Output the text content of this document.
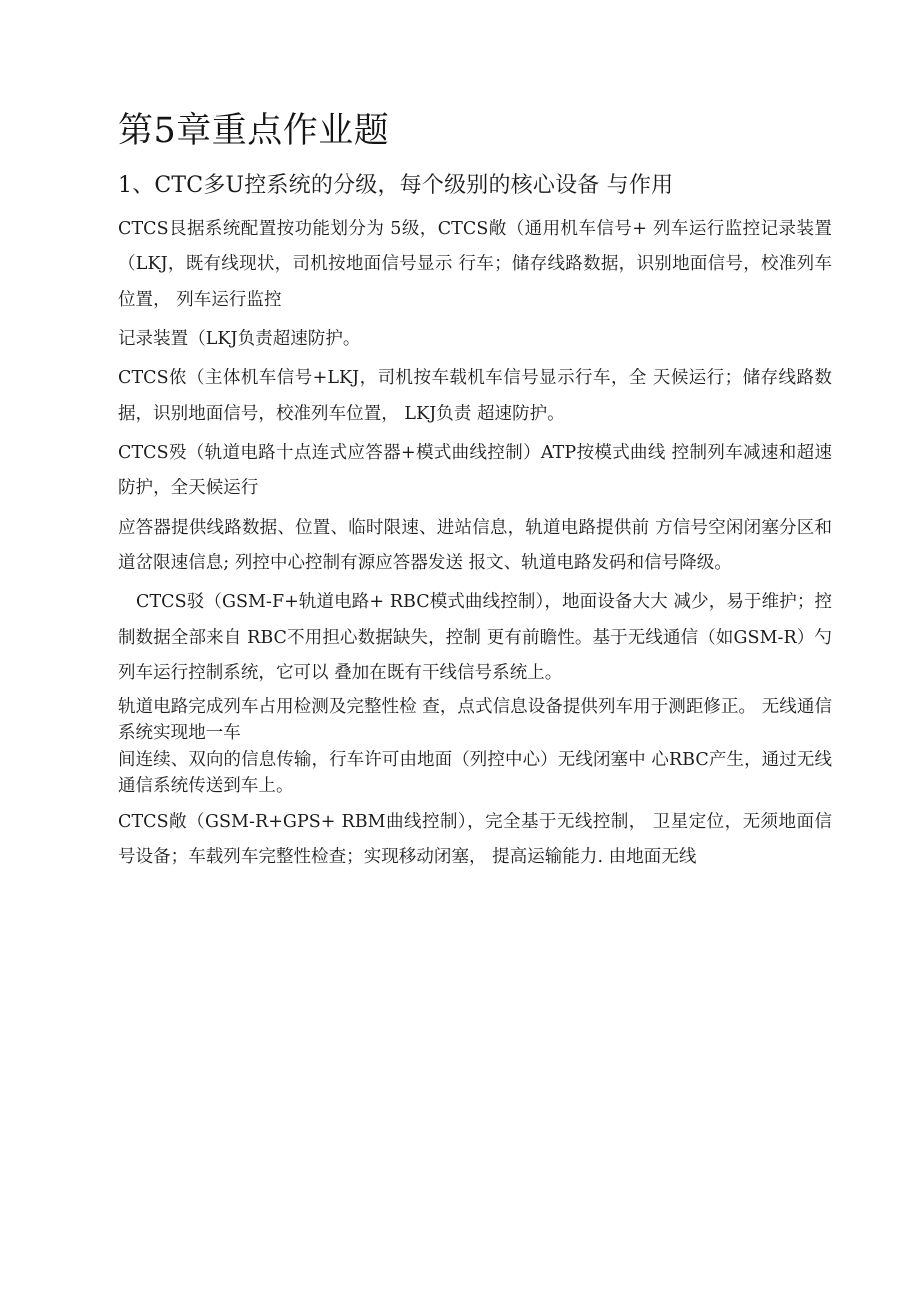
第5章重点作业题
1、CTC多U控系统的分级，每个级别的核心设备 与作用

CTCS艮据系统配置按功能划分为 5级，CTCS敞（通用机车信号+ 列车运行监控记录装置（LKJ，既有线现状，司机按地面信号显示 行车；储存线路数据，识别地面信号，校准列车位置， 列车运行监控

记录装置（LKJ负责超速防护。

CTCS侬（主体机车信号+LKJ，司机按车载机车信号显示行车，全 天候运行；储存线路数据，识别地面信号，校准列车位置， LKJ负责 超速防护。

CTCS殁（轨道电路十点连式应答器+模式曲线控制）ATP按模式曲线 控制列车减速和超速防护，全天候运行

应答器提供线路数据、位置、临时限速、进站信息，轨道电路提供前 方信号空闲闭塞分区和道岔限速信息; 列控中心控制有源应答器发送 报文、轨道电路发码和信号降级。

CTCS驳（GSM-F+轨道电路+ RBC模式曲线控制），地面设备大大 减少，易于维护；控制数据全部来自 RBC不用担心数据缺失，控制 更有前瞻性。基于无线通信（如GSM-R）勺列车运行控制系统，它可以 叠加在既有干线信号系统上。

轨道电路完成列车占用检测及完整性检 查，点式信息设备提供列车用于测距修正。 无线通信系统实现地一车

间连续、双向的信息传输，行车许可由地面（列控中心）无线闭塞中 心RBC产生，通过无线通信系统传送到车上。

CTCS敞（GSM-R+GPS+ RBM曲线控制），完全基于无线控制， 卫星定位，无须地面信号设备；车载列车完整性检查；实现移动闭塞， 提高运输能力. 由地面无线
